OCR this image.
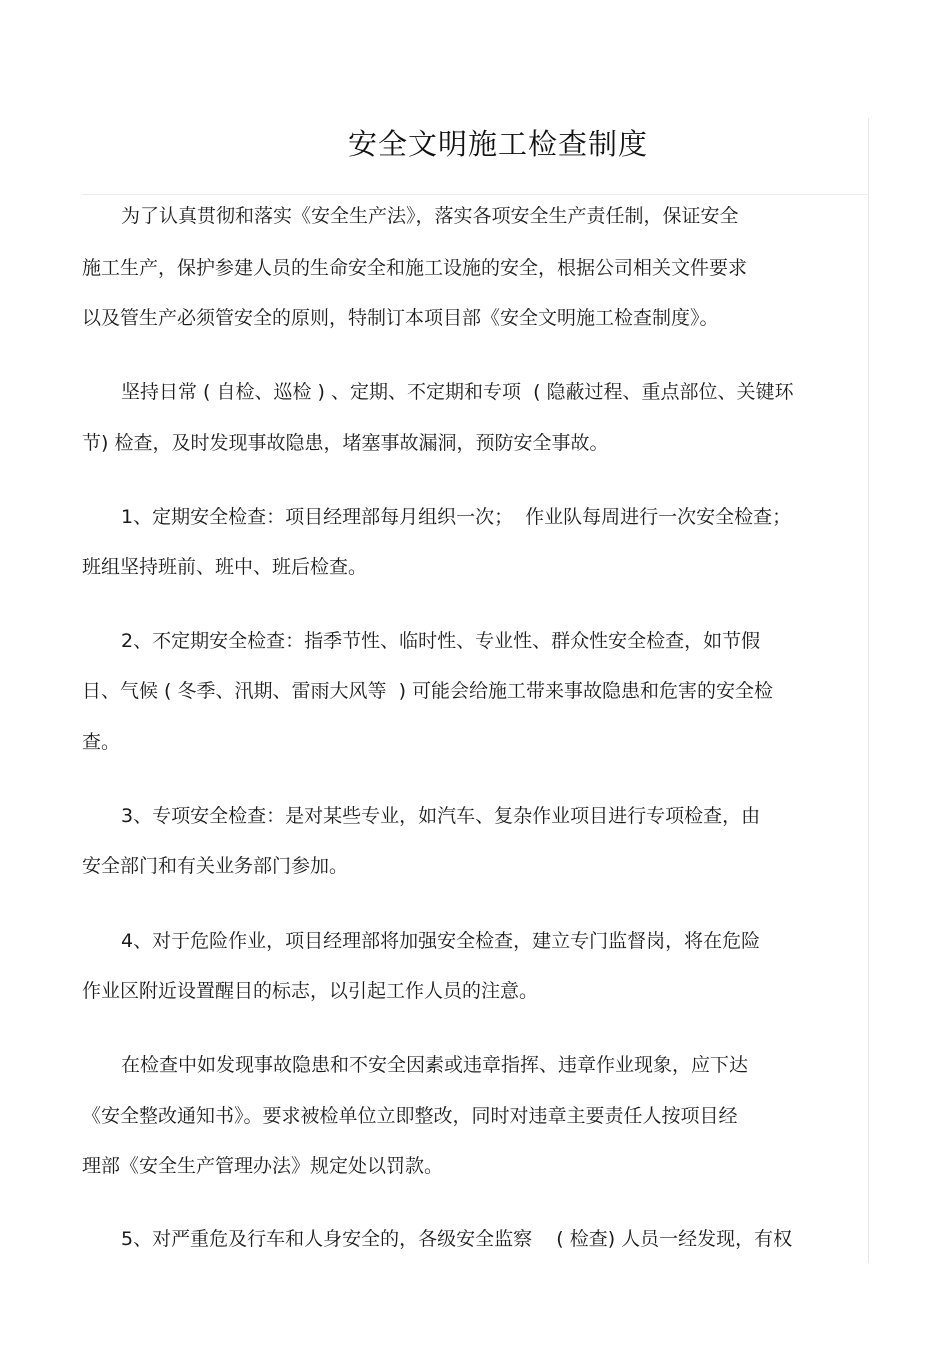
安全文明施工检查制度
为了认真贯彻和落实《安全生产法》，落实各项安全生产责任制，保证安全
施工生产，保护参建人员的生命安全和施工设施的安全，根据公司相关文件要求
以及管生产必须管安全的原则，特制订本项目部《安全文明施工检查制度》。
坚持日常 ( 自检、巡检 ) 、定期、不定期和专项  ( 隐蔽过程、重点部位、关键环
节) 检查，及时发现事故隐患，堵塞事故漏洞，预防安全事故。
1、定期安全检查：项目经理部每月组织一次；  作业队每周进行一次安全检查；
班组坚持班前、班中、班后检查。
2、不定期安全检查：指季节性、临时性、专业性、群众性安全检查，如节假
日、气候 ( 冬季、汛期、雷雨大风等  ) 可能会给施工带来事故隐患和危害的安全检
查。
3、专项安全检查：是对某些专业，如汽车、复杂作业项目进行专项检查，由
安全部门和有关业务部门参加。
4、对于危险作业，项目经理部将加强安全检查，建立专门监督岗，将在危险
作业区附近设置醒目的标志，以引起工作人员的注意。
在检查中如发现事故隐患和不安全因素或违章指挥、违章作业现象，应下达
《安全整改通知书》。要求被检单位立即整改，同时对违章主要责任人按项目经
理部《安全生产管理办法》规定处以罚款。
5、对严重危及行车和人身安全的，各级安全监察    ( 检查) 人员一经发现，有权
